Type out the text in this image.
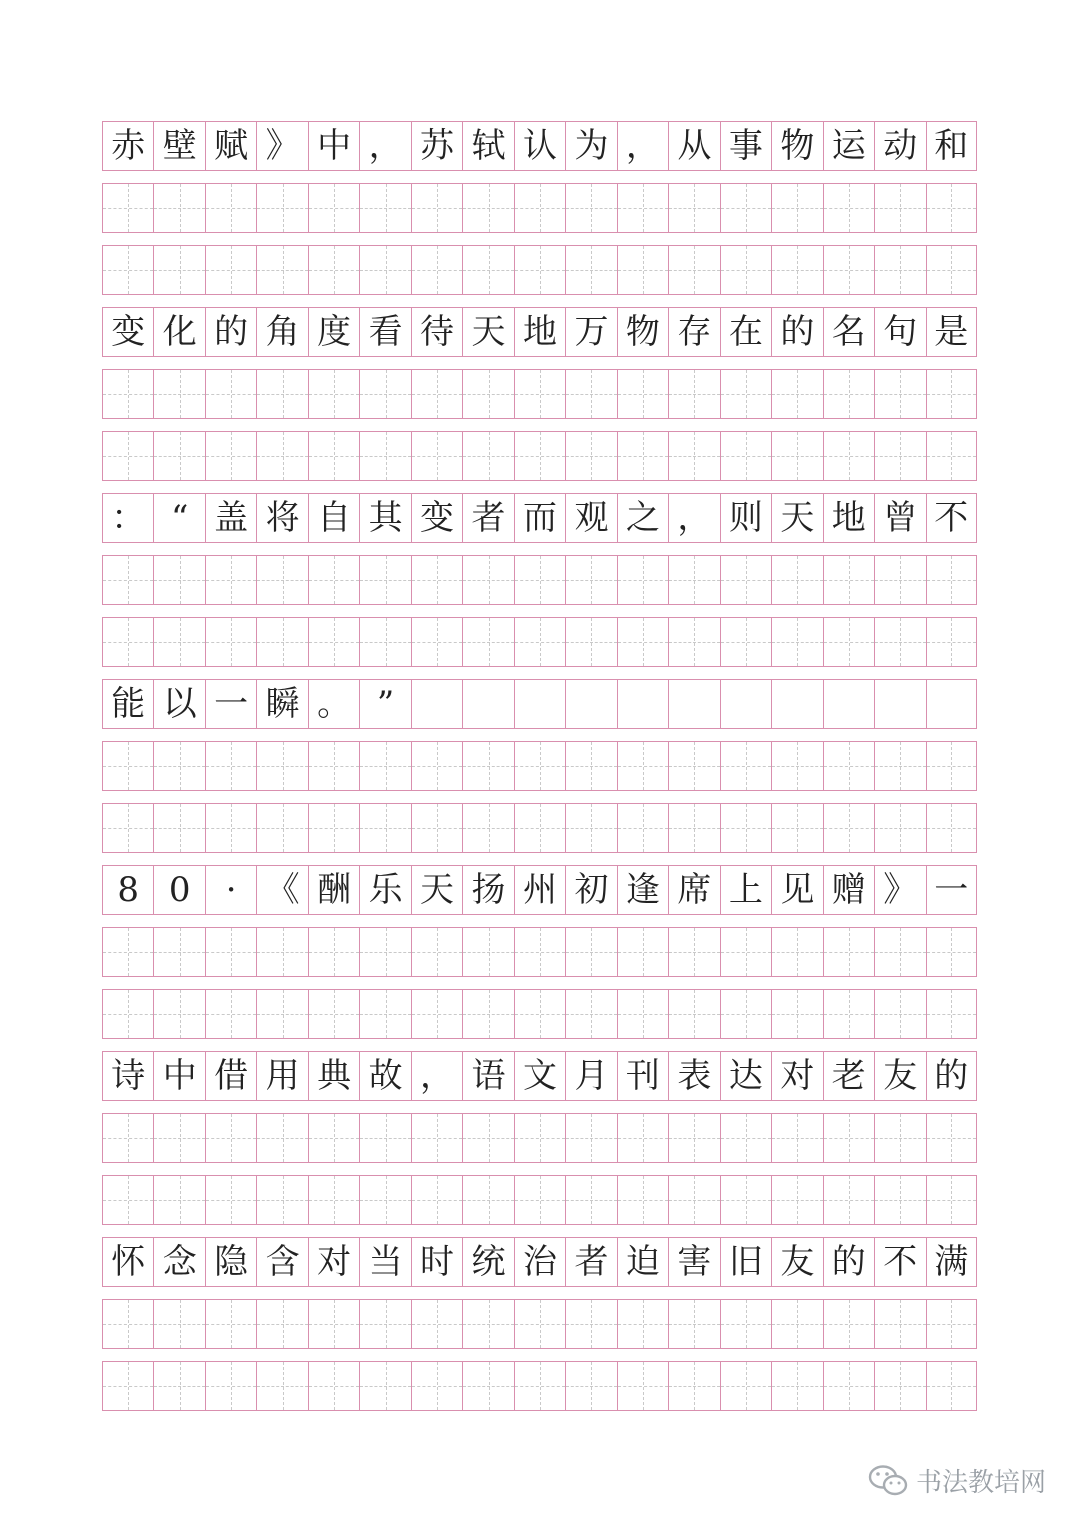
赤 壁 赋 》 中 ， 苏 轼 认 为 ， 从 事 物 运 动 和
变 化 的 角 度 看 待 天 地 万 物 存 在 的 名 句 是
： “ 盖 将 自 其 变 者 而 观 之 ， 则 天 地 曾 不
能 以 一 瞬 。 ”
8 0 · 《 酬 乐 天 扬 州 初 逢 席 上 见 赠 》 一
诗 中 借 用 典 故 ， 语 文 月 刊 表 达 对 老 友 的
怀 念 隐 含 对 当 时 统 治 者 迫 害 旧 友 的 不 满
书法教培网
